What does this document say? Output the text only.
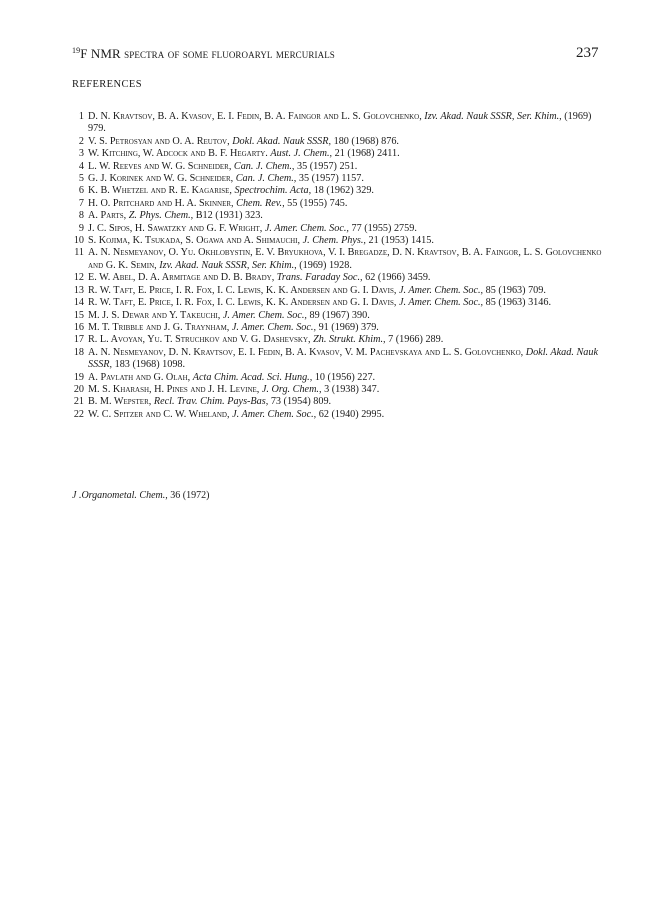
$^{19}$F NMR spectra of some fluoroaryl mercurials	237
REFERENCES
1 D. N. Kravtsov, B. A. Kvasov, E. I. Fedin, B. A. Faingor and L. S. Golovchenko, Izv. Akad. Nauk SSSR, Ser. Khim., (1969) 979.
2 V. S. Petrosyan and O. A. Reutov, Dokl. Akad. Nauk SSSR, 180 (1968) 876.
3 W. Kitching, W. Adcock and B. F. Hegarty. Aust. J. Chem., 21 (1968) 2411.
4 L. W. Reeves and W. G. Schneider, Can. J. Chem., 35 (1957) 251.
5 G. J. Korinek and W. G. Schneider, Can. J. Chem., 35 (1957) 1157.
6 K. B. Whetzel and R. E. Kagarise, Spectrochim. Acta, 18 (1962) 329.
7 H. O. Pritchard and H. A. Skinner, Chem. Rev., 55 (1955) 745.
8 A. Parts, Z. Phys. Chem., B12 (1931) 323.
9 J. C. Sipos, H. Sawatzky and G. F. Wright, J. Amer. Chem. Soc., 77 (1955) 2759.
10 S. Kojima, K. Tsukada, S. Ogawa and A. Shimauchi, J. Chem. Phys., 21 (1953) 1415.
11 A. N. Nesmeyanov, O. Yu. Okhlobystin, E. V. Bryukhova, V. I. Bregadze, D. N. Kravtsov, B. A. Faingor, L. S. Golovchenko and G. K. Semin, Izv. Akad. Nauk SSSR, Ser. Khim., (1969) 1928.
12 E. W. Abel, D. A. Armitage and D. B. Brady, Trans. Faraday Soc., 62 (1966) 3459.
13 R. W. Taft, E. Price, I. R. Fox, I. C. Lewis, K. K. Andersen and G. I. Davis, J. Amer. Chem. Soc., 85 (1963) 709.
14 R. W. Taft, E. Price, I. R. Fox, I. C. Lewis, K. K. Andersen and G. I. Davis, J. Amer. Chem. Soc., 85 (1963) 3146.
15 M. J. S. Dewar and Y. Takeuchi, J. Amer. Chem. Soc., 89 (1967) 390.
16 M. T. Tribble and J. G. Traynham, J. Amer. Chem. Soc., 91 (1969) 379.
17 R. L. Avoyan, Yu. T. Struchkov and V. G. Dashevsky, Zh. Strukt. Khim., 7 (1966) 289.
18 A. N. Nesmeyanov, D. N. Kravtsov, E. I. Fedin, B. A. Kvasov, V. M. Pachevskaya and L. S. Golovchenko, Dokl. Akad. Nauk SSSR, 183 (1968) 1098.
19 A. Pavlath and G. Olah, Acta Chim. Acad. Sci. Hung., 10 (1956) 227.
20 M. S. Kharash, H. Pines and J. H. Levine, J. Org. Chem., 3 (1938) 347.
21 B. M. Wepster, Recl. Trav. Chim. Pays-Bas, 73 (1954) 809.
22 W. C. Spitzer and C. W. Wheland, J. Amer. Chem. Soc., 62 (1940) 2995.
J .Organometal. Chem., 36 (1972)
